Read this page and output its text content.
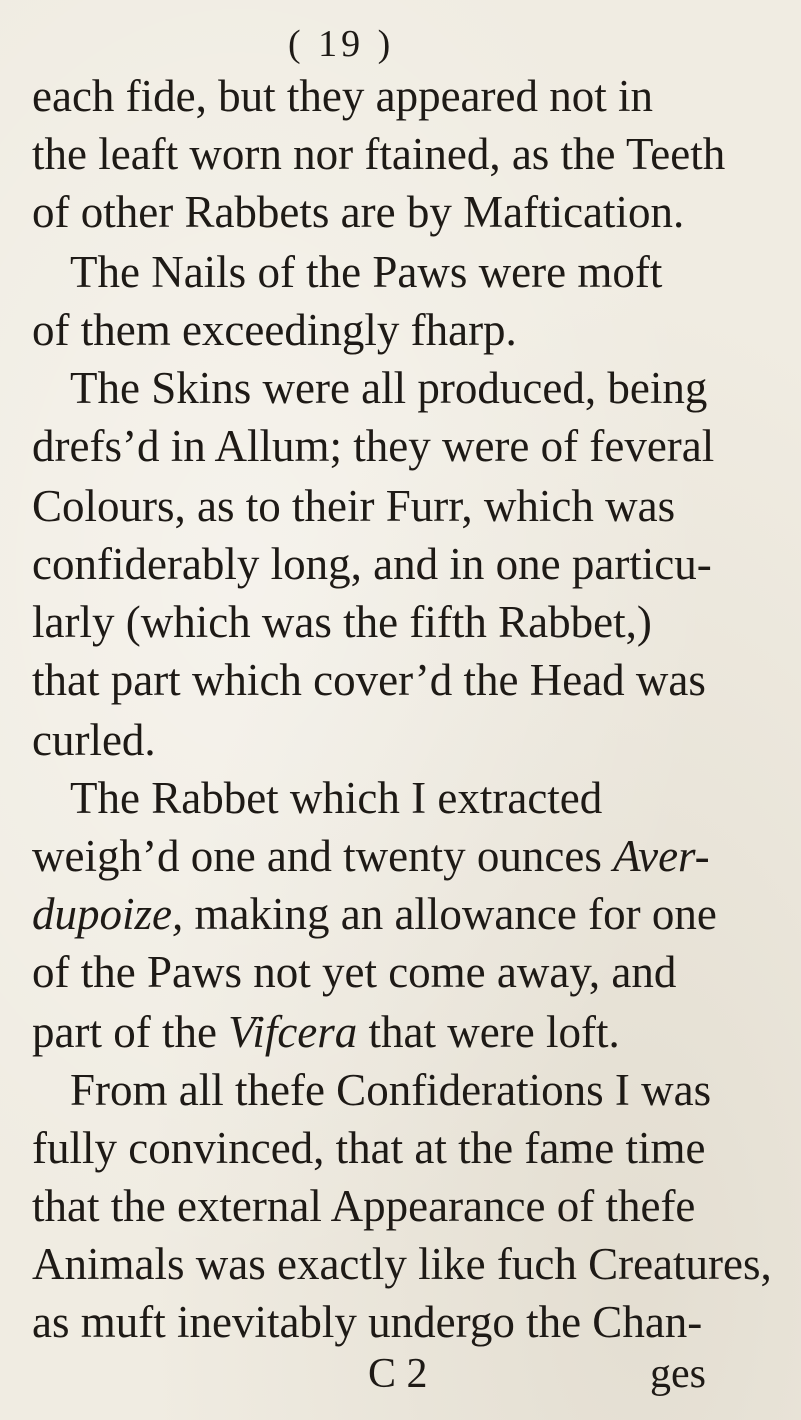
( 19 )
each fide, but they appeared not in
the leaft worn nor ftained, as the Teeth
of other Rabbets are by Maftication.
The Nails of the Paws were moft
of them exceedingly fharp.
The Skins were all produced, being
drefs’d in Allum; they were of feveral
Colours, as to their Furr, which was
confiderably long, and in one particu-
larly (which was the fifth Rabbet,)
that part which cover’d the Head was
curled.
The Rabbet which I extracted
weigh’d one and twenty ounces Aver-
dupoize, making an allowance for one
of the Paws not yet come away, and
part of the Vifcera that were loft.
From all thefe Confiderations I was
fully convinced, that at the fame time
that the external Appearance of thefe
Animals was exactly like fuch Creatures,
as muft inevitably undergo the Chan-
C 2	ges
